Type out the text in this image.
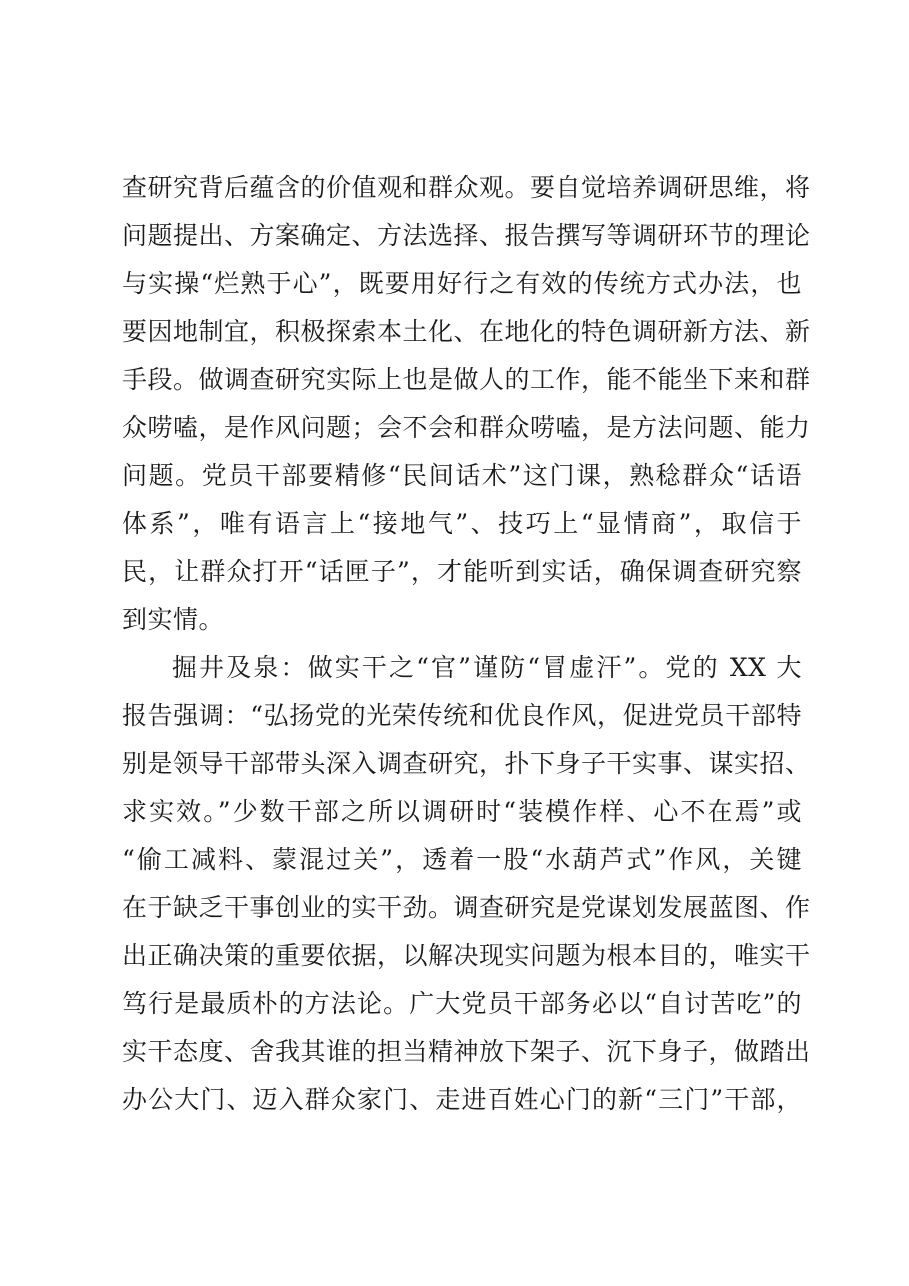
查研究背后蕴含的价值观和群众观。要自觉培养调研思维，将
问题提出、方案确定、方法选择、报告撰写等调研环节的理论
与实操“烂熟于心”，既要用好行之有效的传统方式办法，也
要因地制宜，积极探索本土化、在地化的特色调研新方法、新
手段。做调查研究实际上也是做人的工作，能不能坐下来和群
众唠嗑，是作风问题；会不会和群众唠嗑，是方法问题、能力
问题。党员干部要精修“民间话术”这门课，熟稔群众“话语
体系”，唯有语言上“接地气”、技巧上“显情商”，取信于
民，让群众打开“话匣子”，才能听到实话，确保调查研究察
到实情。
掘井及泉：做实干之“官”谨防“冒虚汗”。党的 XX 大
报告强调：“弘扬党的光荣传统和优良作风，促进党员干部特
别是领导干部带头深入调查研究，扑下身子干实事、谋实招、
求实效。”少数干部之所以调研时“装模作样、心不在焉”或
“偷工减料、蒙混过关”，透着一股“水葫芦式”作风，关键
在于缺乏干事创业的实干劲。调查研究是党谋划发展蓝图、作
出正确决策的重要依据，以解决现实问题为根本目的，唯实干
笃行是最质朴的方法论。广大党员干部务必以“自讨苦吃”的
实干态度、舍我其谁的担当精神放下架子、沉下身子，做踏出
办公大门、迈入群众家门、走进百姓心门的新“三门”干部，
